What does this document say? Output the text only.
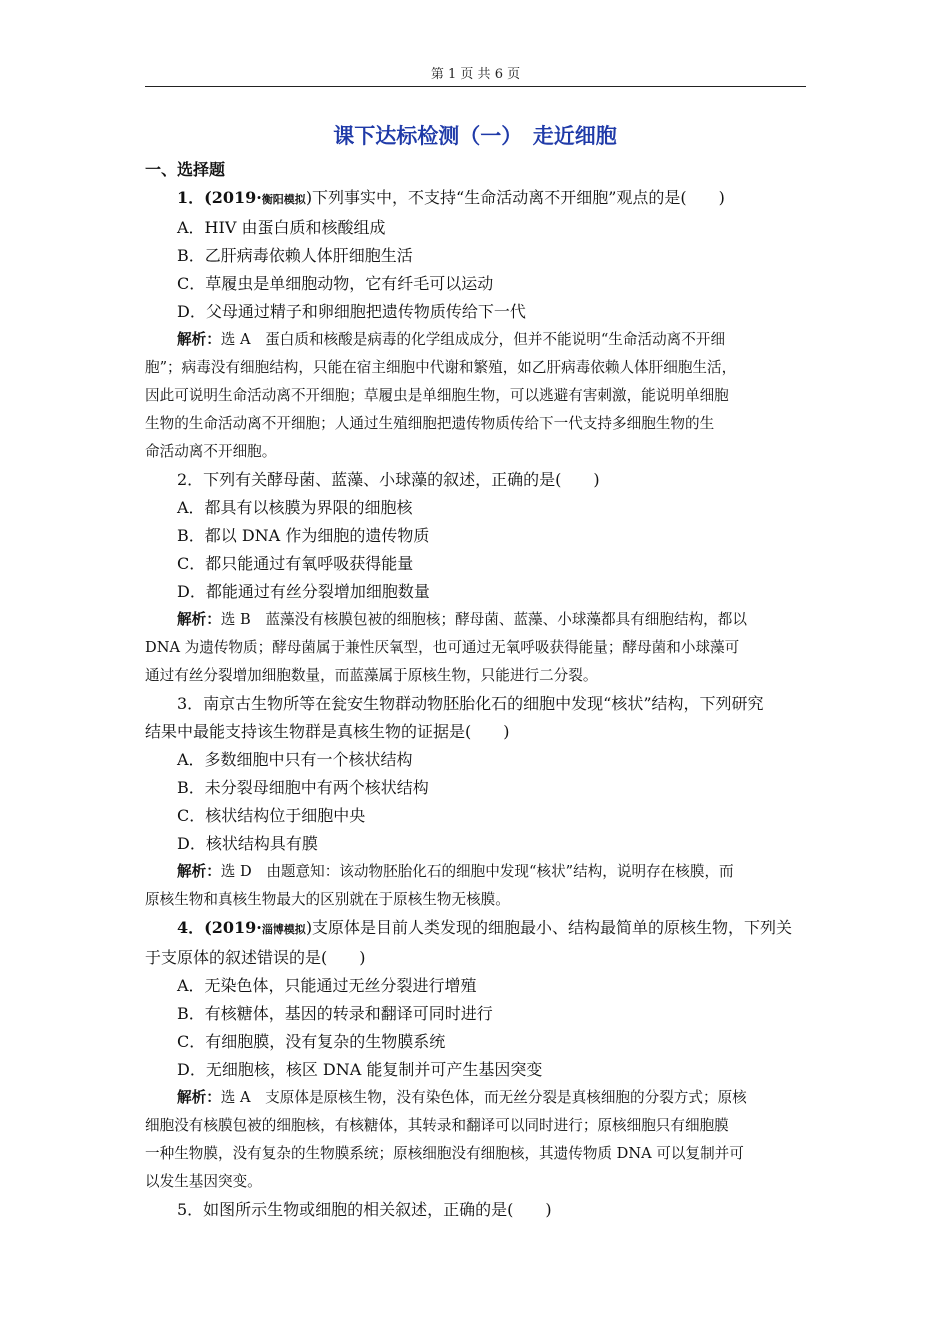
第 1 页 共 6 页
课下达标检测（一）　走近细胞

一、选择题

1．(2019·衡阳模拟)下列事实中，不支持“生命活动离不开细胞”观点的是(　　)

A．HIV 由蛋白质和核酸组成

B．乙肝病毒依赖人体肝细胞生活

C．草履虫是单细胞动物，它有纤毛可以运动

D．父母通过精子和卵细胞把遗传物质传给下一代

解析：选 A　蛋白质和核酸是病毒的化学组成成分，但并不能说明“生命活动离不开细

胞”；病毒没有细胞结构，只能在宿主细胞中代谢和繁殖，如乙肝病毒依赖人体肝细胞生活，

因此可说明生命活动离不开细胞；草履虫是单细胞生物，可以逃避有害刺激，能说明单细胞

生物的生命活动离不开细胞；人通过生殖细胞把遗传物质传给下一代支持多细胞生物的生

命活动离不开细胞。

2．下列有关酵母菌、蓝藻、小球藻的叙述，正确的是(　　)

A．都具有以核膜为界限的细胞核

B．都以 DNA 作为细胞的遗传物质

C．都只能通过有氧呼吸获得能量

D．都能通过有丝分裂增加细胞数量

解析：选 B　蓝藻没有核膜包被的细胞核；酵母菌、蓝藻、小球藻都具有细胞结构，都以

DNA 为遗传物质；酵母菌属于兼性厌氧型，也可通过无氧呼吸获得能量；酵母菌和小球藻可

通过有丝分裂增加细胞数量，而蓝藻属于原核生物，只能进行二分裂。

3．南京古生物所等在瓮安生物群动物胚胎化石的细胞中发现“核状”结构，下列研究

结果中最能支持该生物群是真核生物的证据是(　　)

A．多数细胞中只有一个核状结构

B．未分裂母细胞中有两个核状结构

C．核状结构位于细胞中央

D．核状结构具有膜

解析：选 D　由题意知：该动物胚胎化石的细胞中发现“核状”结构，说明存在核膜，而

原核生物和真核生物最大的区别就在于原核生物无核膜。

4．(2019·淄博模拟)支原体是目前人类发现的细胞最小、结构最简单的原核生物，下列关

于支原体的叙述错误的是(　　)

A．无染色体，只能通过无丝分裂进行增殖

B．有核糖体，基因的转录和翻译可同时进行

C．有细胞膜，没有复杂的生物膜系统

D．无细胞核，核区 DNA 能复制并可产生基因突变

解析：选 A　支原体是原核生物，没有染色体，而无丝分裂是真核细胞的分裂方式；原核

细胞没有核膜包被的细胞核，有核糖体，其转录和翻译可以同时进行；原核细胞只有细胞膜

一种生物膜，没有复杂的生物膜系统；原核细胞没有细胞核，其遗传物质 DNA 可以复制并可

以发生基因突变。

5．如图所示生物或细胞的相关叙述，正确的是(　　)
